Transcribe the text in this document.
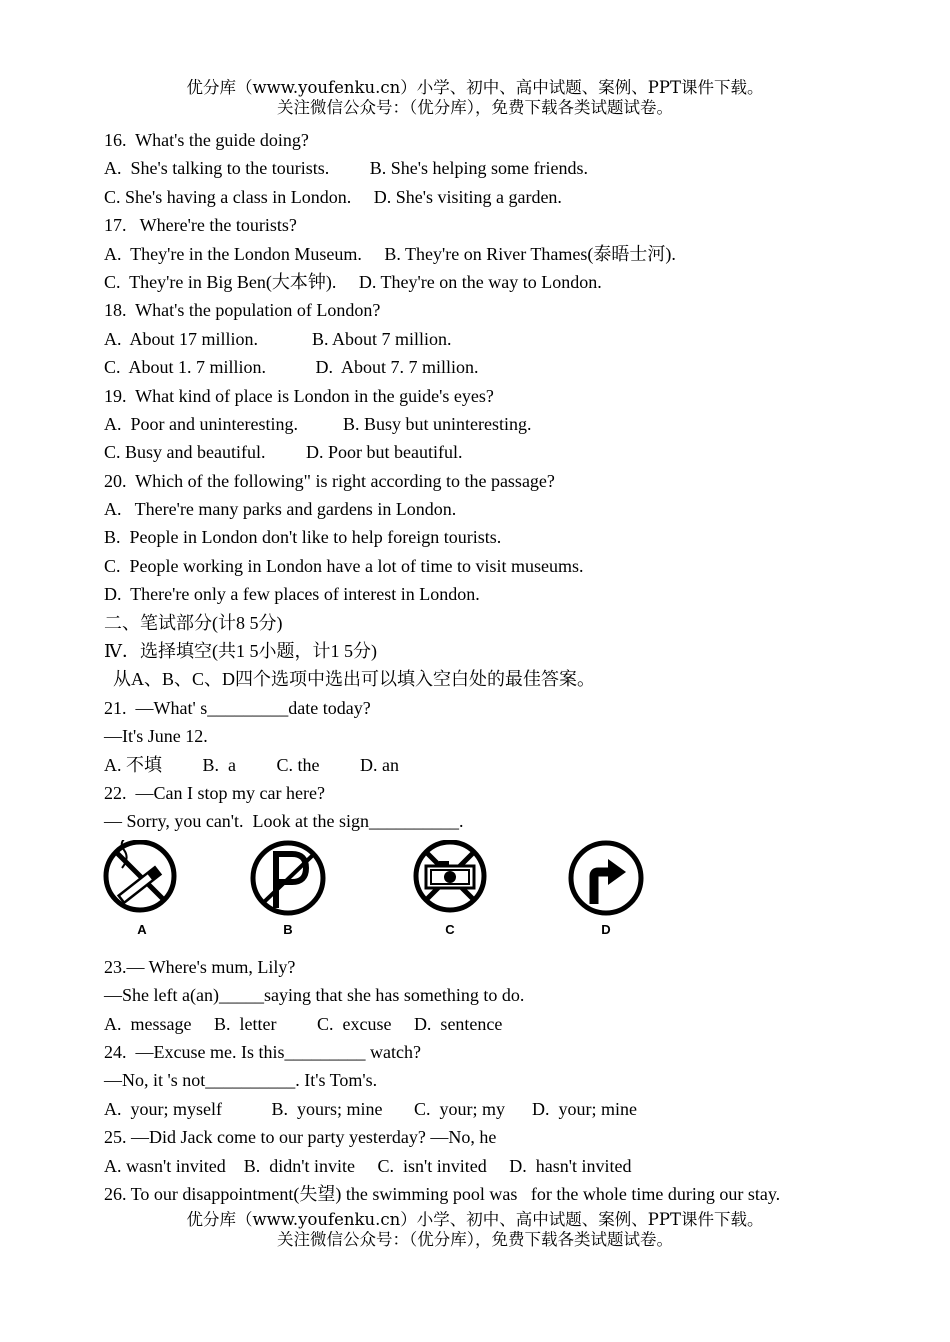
优分库（www.youfenku.cn）小学、初中、高中试题、案例、PPT课件下载。
关注微信公众号：（优分库），免费下载各类试题试卷。
16.  What's the guide doing?
A.  She's talking to the tourists.         B. She's helping some friends.
C. She's having a class in London.     D. She's visiting a garden.
17.   Where're the tourists?
A.  They're in the London Museum.     B. They're on River Thames(泰晤士河).
C.  They're in Big Ben(大本钟).     D. They're on the way to London.
18.  What's the population of London?
A.  About 17 million.            B. About 7 million.
C.  About 1. 7 million.           D.  About 7. 7 million.
19.  What kind of place is London in the guide's eyes?
A.  Poor and uninteresting.          B. Busy but uninteresting.
C. Busy and beautiful.         D. Poor but beautiful.
20.  Which of the following" is right according to the passage?
A.   There're many parks and gardens in London.
B.  People in London don't like to help foreign tourists.
C.  People working in London have a lot of time to visit museums.
D.  There're only a few places of interest in London.
二、笔试部分(计8 5分)
Ⅳ．选择填空(共1 5小题，计1 5分)
从A、B、C、D四个选项中选出可以填入空白处的最佳答案。
21.  —What' s_________date today?
—It's June 12.
A. 不填         B.  a         C. the         D. an
22.  —Can I stop my car here?
— Sorry, you can't.  Look at the sign__________.
A	B	C	D
23.— Where's mum, Lily?
—She left a(an)_____saying that she has something to do.
A.  message     B.  letter         C.  excuse     D.  sentence
24.  —Excuse me. Is this_________ watch?
—No, it 's not__________. It's Tom's.
A.  your; myself           B.  yours; mine       C.  your; my      D.  your; mine
25. —Did Jack come to our party yesterday? —No, he
A. wasn't invited    B.  didn't invite     C.  isn't invited     D.  hasn't invited
26. To our disappointment(失望) the swimming pool was   for the whole time during our stay.
优分库（www.youfenku.cn）小学、初中、高中试题、案例、PPT课件下载。
关注微信公众号：（优分库），免费下载各类试题试卷。
